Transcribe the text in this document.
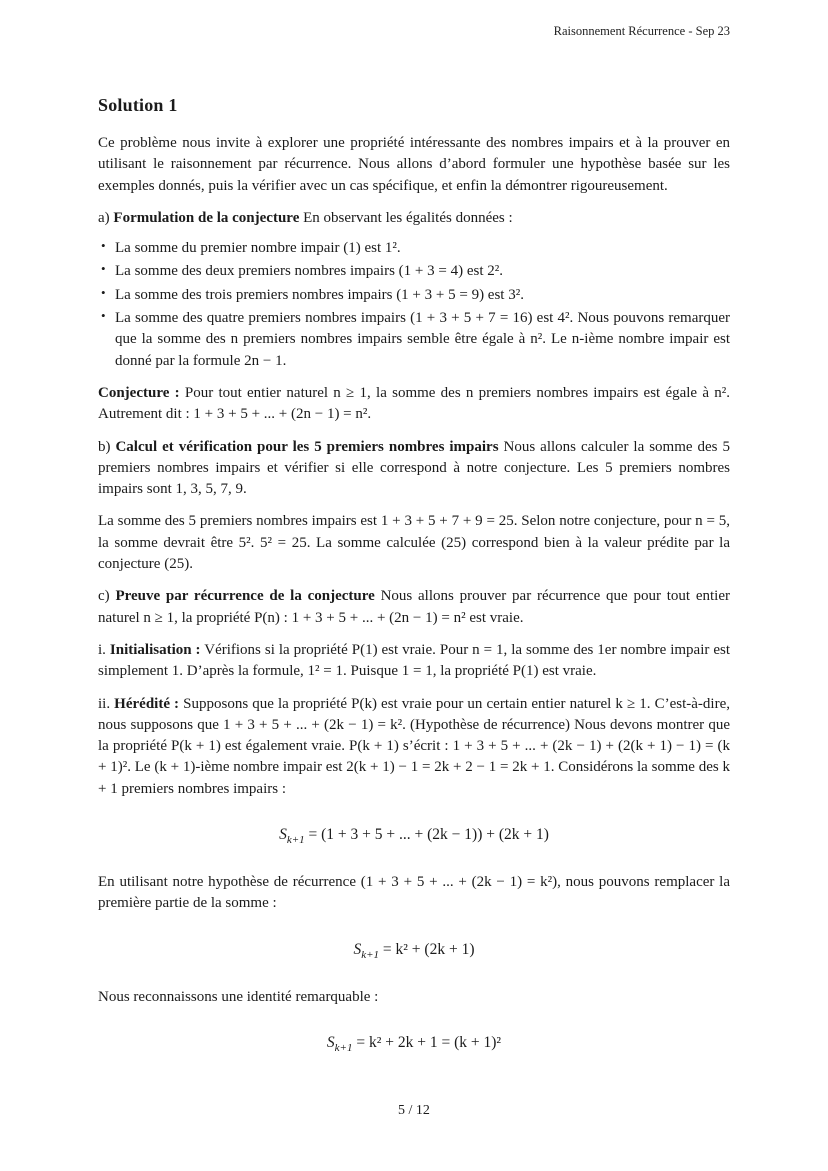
Raisonnement Récurrence - Sep 23
Solution 1

Ce problème nous invite à explorer une propriété intéressante des nombres impairs et à la prouver en utilisant le raisonnement par récurrence. Nous allons d’abord formuler une hypothèse basée sur les exemples donnés, puis la vérifier avec un cas spécifique, et enfin la démontrer rigoureusement.

a) Formulation de la conjecture En observant les égalités données :

• La somme du premier nombre impair (1) est 1².
• La somme des deux premiers nombres impairs (1 + 3 = 4) est 2².
• La somme des trois premiers nombres impairs (1 + 3 + 5 = 9) est 3².
• La somme des quatre premiers nombres impairs (1 + 3 + 5 + 7 = 16) est 4². Nous pouvons remarquer que la somme des n premiers nombres impairs semble être égale à n². Le n-ième nombre impair est donné par la formule 2n − 1.

Conjecture : Pour tout entier naturel n ≥ 1, la somme des n premiers nombres impairs est égale à n². Autrement dit : 1 + 3 + 5 + ... + (2n − 1) = n².

b) Calcul et vérification pour les 5 premiers nombres impairs Nous allons calculer la somme des 5 premiers nombres impairs et vérifier si elle correspond à notre conjecture. Les 5 premiers nombres impairs sont 1, 3, 5, 7, 9.

La somme des 5 premiers nombres impairs est 1 + 3 + 5 + 7 + 9 = 25. Selon notre conjecture, pour n = 5, la somme devrait être 5². 5² = 25. La somme calculée (25) correspond bien à la valeur prédite par la conjecture (25).

c) Preuve par récurrence de la conjecture Nous allons prouver par récurrence que pour tout entier naturel n ≥ 1, la propriété P(n) : 1 + 3 + 5 + ... + (2n − 1) = n² est vraie.

i. Initialisation : Vérifions si la propriété P(1) est vraie. Pour n = 1, la somme des 1er nombre impair est simplement 1. D’après la formule, 1² = 1. Puisque 1 = 1, la propriété P(1) est vraie.

ii. Hérédité : Supposons que la propriété P(k) est vraie pour un certain entier naturel k ≥ 1. C’est-à-dire, nous supposons que 1 + 3 + 5 + ... + (2k − 1) = k². (Hypothèse de récurrence) Nous devons montrer que la propriété P(k + 1) est également vraie. P(k + 1) s’écrit : 1 + 3 + 5 + ... + (2k − 1) + (2(k + 1) − 1) = (k + 1)². Le (k + 1)-ième nombre impair est 2(k + 1) − 1 = 2k + 2 − 1 = 2k + 1. Considérons la somme des k + 1 premiers nombres impairs :

$S_{k+1} = (1 + 3 + 5$ + ... + (2k − 1)) + (2k + 1)

En utilisant notre hypothèse de récurrence (1 + 3 + 5 + ... + (2k − 1) = k²), nous pouvons remplacer la première partie de la somme :

$S_{k+1} = k^2 + (2k + 1)$

Nous reconnaissons une identité remarquable :

$S_{k+1} = k^2 + 2k + 1 = (k + 1)^2$
5 / 12
